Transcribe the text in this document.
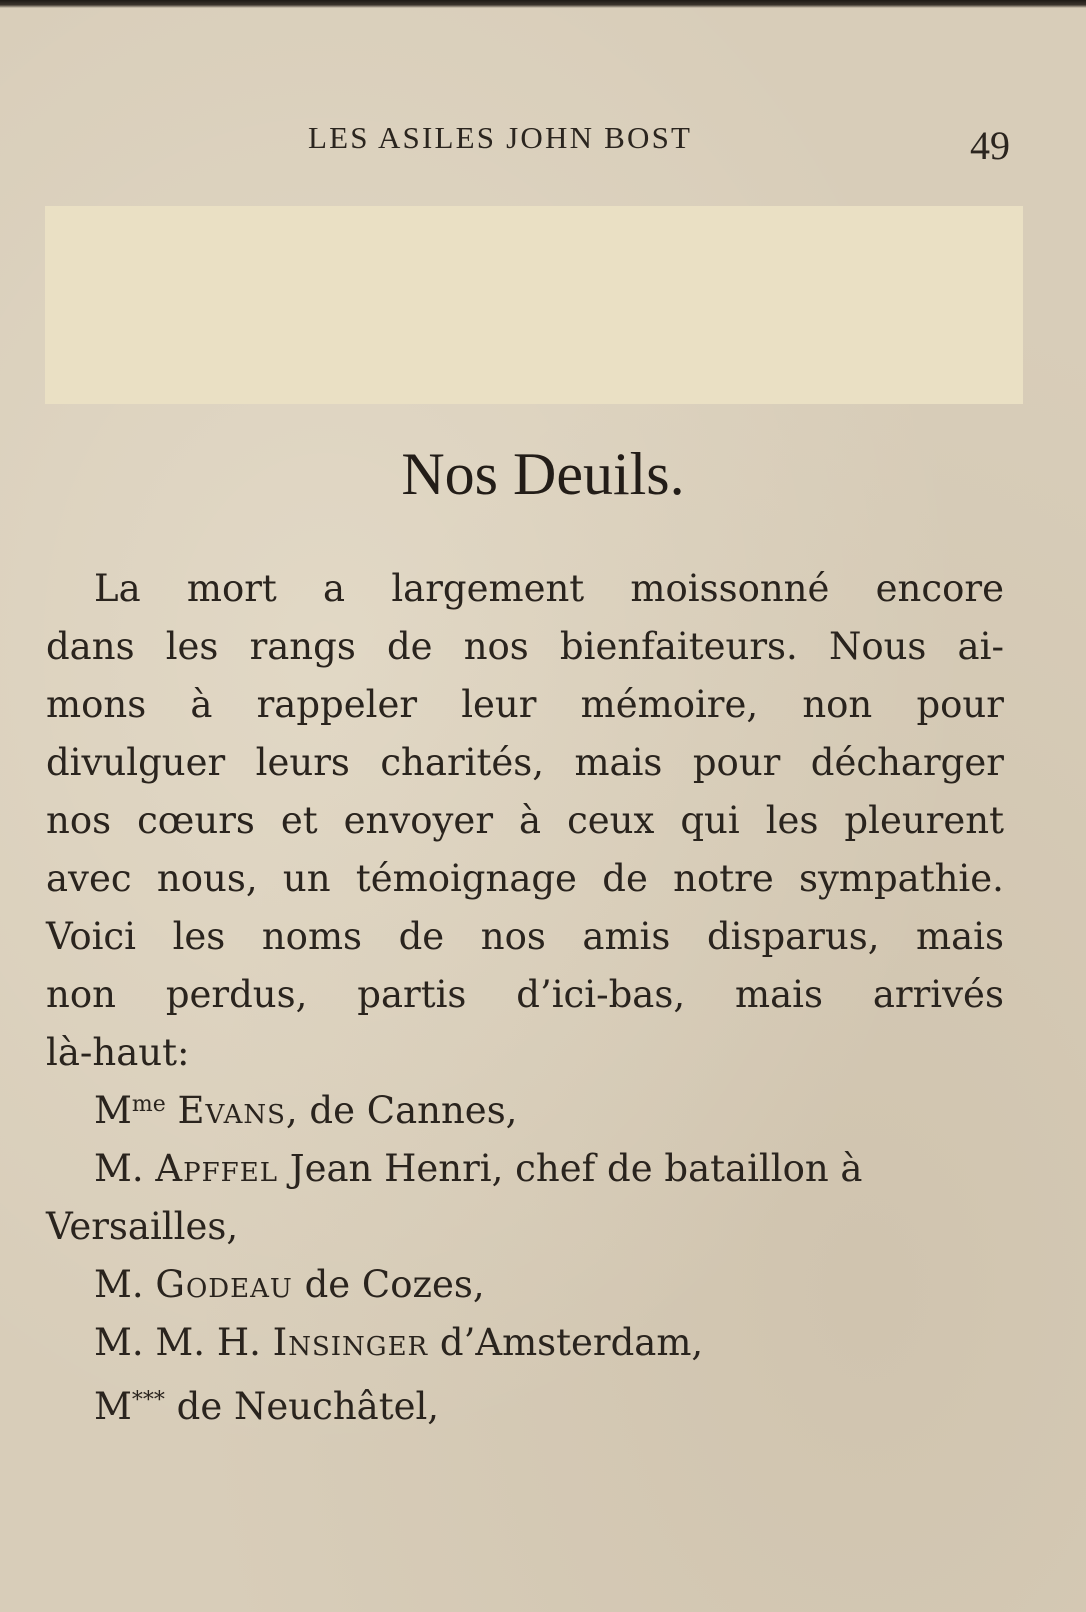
LES ASILES JOHN BOST	49
Nos Deuils.
La mort a largement moissonné encore
dans les rangs de nos bienfaiteurs. Nous ai-
mons à rappeler leur mémoire, non pour
divulguer leurs charités, mais pour décharger
nos cœurs et envoyer à ceux qui les pleurent
avec nous, un témoignage de notre sympathie.
Voici les noms de nos amis disparus, mais
non perdus, partis d’ici-bas, mais arrivés
là-haut:
$M^{me}$ Evans, de Cannes,
M. Apffel Jean Henri, chef de bataillon à
Versailles,
M. Godeau de Cozes,
M. M. H. Insinger d’Amsterdam,
M*** de Neuchâtel,
